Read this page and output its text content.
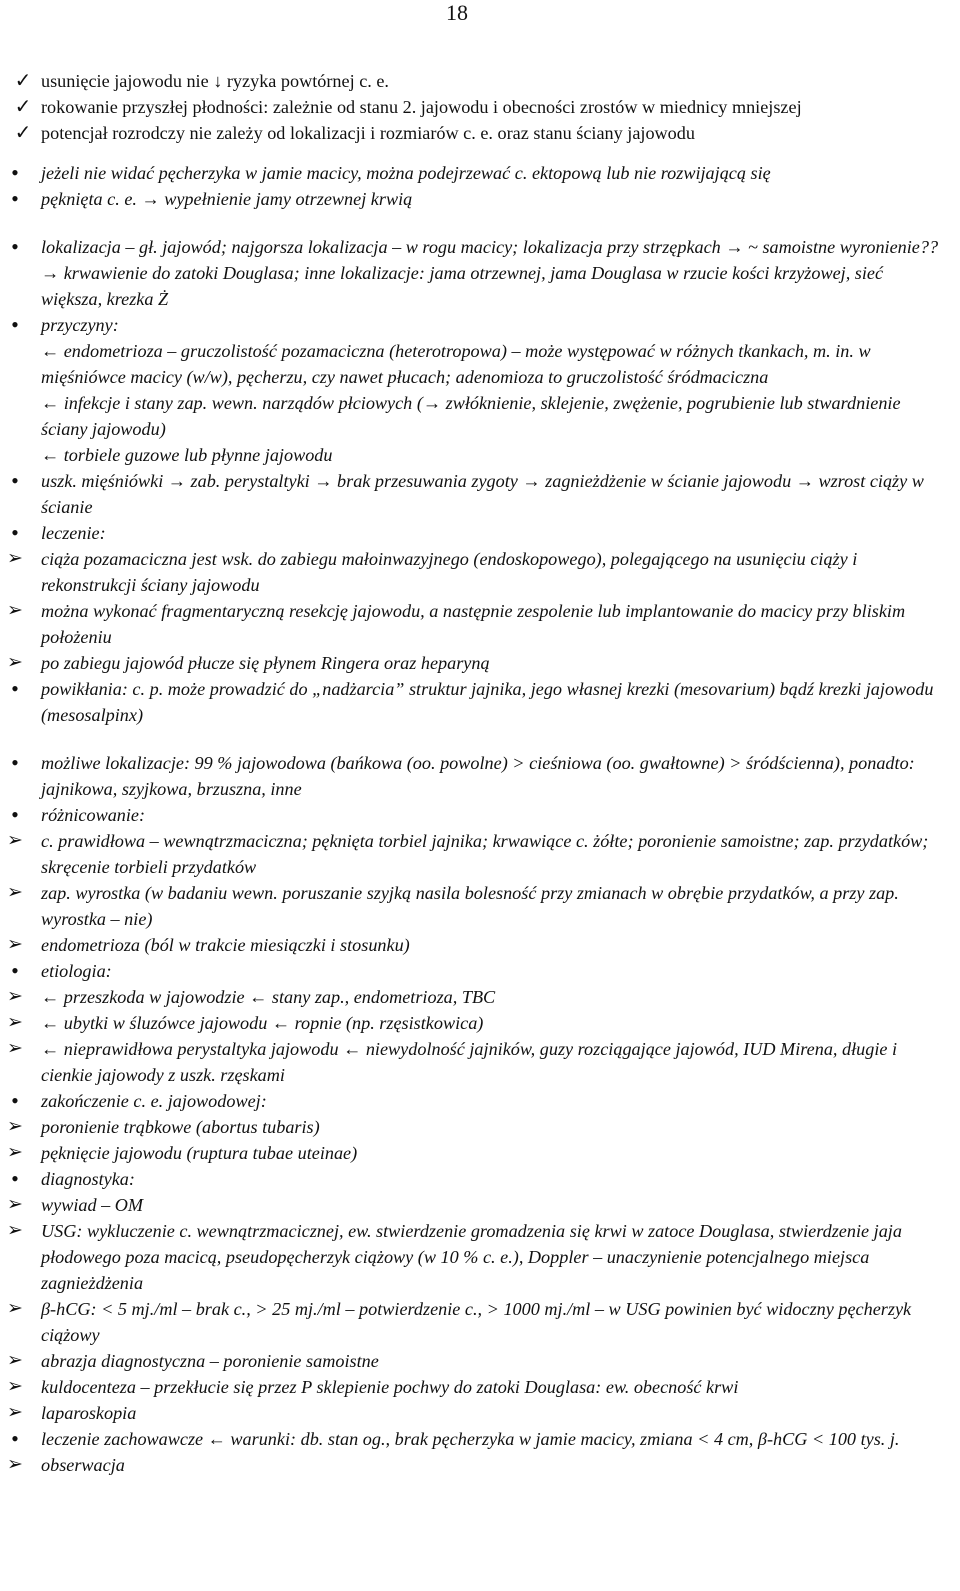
18
✓ usunięcie jajowodu nie ↓ ryzyka powtórnej c. e.
✓ rokowanie przyszłej płodności: zależnie od stanu 2. jajowodu i obecności zrostów w miednicy mniejszej
✓ potencjał rozrodczy nie zależy od lokalizacji i rozmiarów c. e. oraz stanu ściany jajowodu
•	jeżeli nie widać pęcherzyka w jamie macicy, można podejrzewać c. ektopową lub nie rozwijającą się
•	pęknięta c. e. → wypełnienie jamy otrzewnej krwią
•	lokalizacja – gł. jajowód; najgorsza lokalizacja – w rogu macicy; lokalizacja przy strzępkach → ~ samoistne wyronienie?? → krwawienie do zatoki Douglasa; inne lokalizacje: jama otrzewnej, jama Douglasa w rzucie kości krzyżowej, sieć większa, krezka Ż
•	przyczyny:
← endometrioza – gruczolistość pozamaciczna (heterotropowa) – może występować w różnych tkankach, m. in. w mięśniówce macicy (w/w), pęcherzu, czy nawet płucach; adenomioza to gruczolistość śródmaciczna
← infekcje i stany zap. wewn. narządów płciowych (→ zwłóknienie, sklejenie, zwężenie, pogrubienie lub stwardnienie ściany jajowodu)
← torbiele guzowe lub płynne jajowodu
•	uszk. mięśniówki → zab. perystaltyki → brak przesuwania zygoty → zagnieżdżenie w ścianie jajowodu → wzrost ciąży w ścianie
•	leczenie:
➢ ciąża pozamaciczna jest wsk. do zabiegu małoinwazyjnego (endoskopowego), polegającego na usunięciu ciąży i rekonstrukcji ściany jajowodu
➢ można wykonać fragmentaryczną resekcję jajowodu, a następnie zespolenie lub implantowanie do macicy przy bliskim położeniu
➢ po zabiegu jajowód płucze się płynem Ringera oraz heparyną
•	powikłania: c. p. może prowadzić do „nadżarcia” struktur jajnika, jego własnej krezki (mesovarium) bądź krezki jajowodu (mesosalpinx)
•	możliwe lokalizacje: 99 % jajowodowa (bańkowa (oo. powolne) > cieśniowa (oo. gwałtowne) > śródścienna), ponadto: jajnikowa, szyjkowa, brzuszna, inne
•	różnicowanie:
➢ c. prawidłowa – wewnątrzmaciczna; pęknięta torbiel jajnika; krwawiące c. żółte; poronienie samoistne; zap. przydatków; skręcenie torbieli przydatków
➢ zap. wyrostka (w badaniu wewn. poruszanie szyjką nasila bolesność przy zmianach w obrębie przydatków, a przy zap. wyrostka – nie)
➢ endometrioza (ból w trakcie miesiączki i stosunku)
•	etiologia:
➢ ← przeszkoda w jajowodzie ← stany zap., endometrioza, TBC
➢ ← ubytki w śluzówce jajowodu ← ropnie (np. rzęsistkowica)
➢ ← nieprawidłowa perystaltyka jajowodu ← niewydolność jajników, guzy rozciągające jajowód, IUD Mirena, długie i cienkie jajowody z uszk. rzęskami
•	zakończenie c. e. jajowodowej:
➢ poronienie trąbkowe (abortus tubaris)
➢ pęknięcie jajowodu (ruptura tubae uteinae)
•	diagnostyka:
➢ wywiad – OM
➢ USG: wykluczenie c. wewnątrzmacicznej, ew. stwierdzenie gromadzenia się krwi w zatoce Douglasa, stwierdzenie jaja płodowego poza macicą, pseudopęcherzyk ciążowy (w 10 % c. e.), Doppler – unaczynienie potencjalnego miejsca zagnieżdżenia
➢ β-hCG: < 5 mj./ml – brak c., > 25 mj./ml – potwierdzenie c., > 1000 mj./ml – w USG powinien być widoczny pęcherzyk ciążowy
➢ abrazja diagnostyczna – poronienie samoistne
➢ kuldocenteza – przekłucie się przez P sklepienie pochwy do zatoki Douglasa: ew. obecność krwi
➢ laparoskopia
•	leczenie zachowawcze ← warunki: db. stan og., brak pęcherzyka w jamie macicy, zmiana < 4 cm, β-hCG < 100 tys. j.
➢ obserwacja
